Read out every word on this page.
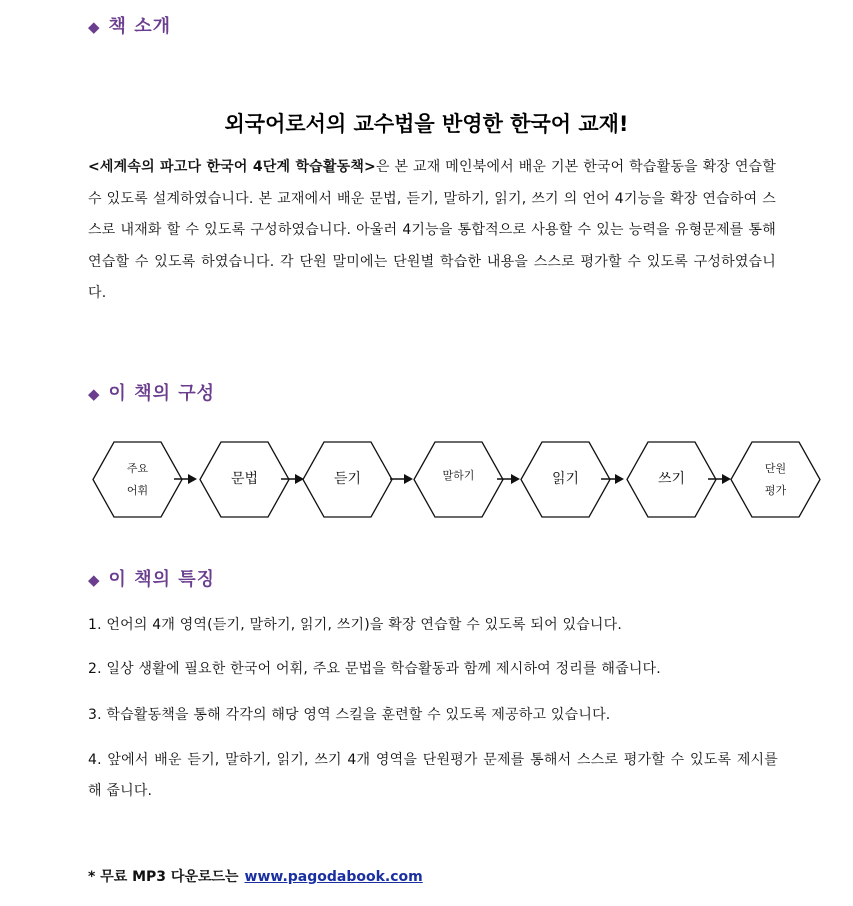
◆ 책 소개
외국어로서의 교수법을 반영한 한국어 교재!
<세계속의 파고다 한국어 4단계 학습활동책>은 본 교재 메인북에서 배운 기본 한국어 학습활동을 확장 연습할 수 있도록 설계하였습니다. 본 교재에서 배운 문법, 듣기, 말하기, 읽기, 쓰기 의 언어 4기능을 확장 연습하여 스스로 내재화 할 수 있도록 구성하였습니다. 아울러 4기능을 통합적으로 사용할 수 있는 능력을 유형문제를 통해 연습할 수 있도록 하였습니다. 각 단원 말미에는 단원별 학습한 내용을 스스로 평가할 수 있도록 구성하였습니다.
◆ 이 책의 구성
주요
어휘
문법	듣기	말하기	읽기	쓰기
단원
평가
◆ 이 책의 특징
1. 언어의 4개 영역(듣기, 말하기, 읽기, 쓰기)을 확장 연습할 수 있도록 되어 있습니다.
2. 일상 생활에 필요한 한국어 어휘, 주요 문법을 학습활동과 함께 제시하여 정리를 해줍니다.
3. 학습활동책을 통해 각각의 해당 영역 스킬을 훈련할 수 있도록 제공하고 있습니다.
4. 앞에서 배운 듣기, 말하기, 읽기, 쓰기 4개 영역을 단원평가 문제를 통해서 스스로 평가할 수 있도록 제시를 해 줍니다.
* 무료 MP3 다운로드는 www.pagodabook.com
